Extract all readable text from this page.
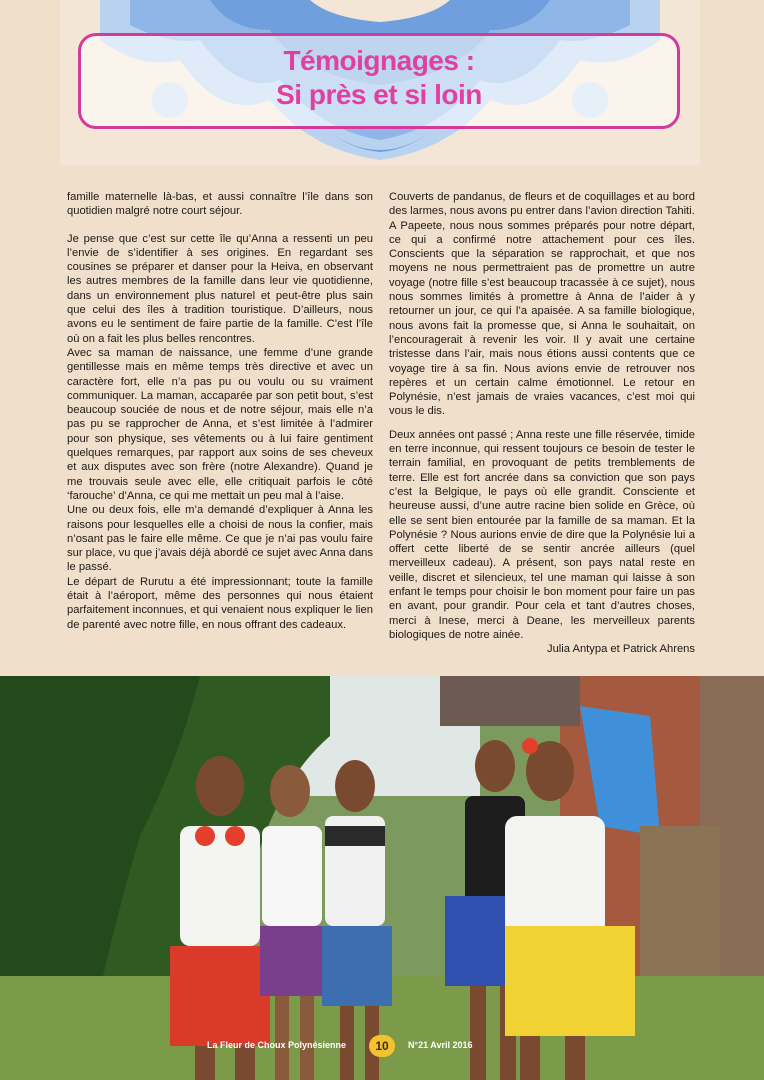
Témoignages :
Si près et si loin

famille maternelle là-bas, et aussi connaître l’île dans son quotidien malgré notre court séjour.

Je pense que c’est sur cette île qu’Anna a ressenti un peu l’envie de s’identifier à ses origines. En regardant ses cousines se préparer et danser pour la Heiva, en observant les autres membres de la famille dans leur vie quotidienne, dans un environnement plus naturel et peut-être plus sain que celui des îles à tradition touristique. D’ailleurs, nous avons eu le sentiment de faire partie de la famille. C’est l’île où on a fait les plus belles rencontres.

Avec sa maman de naissance, une femme d’une grande gentillesse mais en même temps très directive et avec un caractère fort, elle n’a pas pu ou voulu ou su vraiment communiquer. La maman, accaparée par son petit bout, s’est beaucoup souciée de nous et de notre séjour, mais elle n’a pas pu se rapprocher de Anna, et s’est limitée à l’admirer pour son physique, ses vêtements ou à lui faire gentiment quelques remarques, par rapport aux soins de ses cheveux et aux disputes avec son frère (notre Alexandre). Quand je me trouvais seule avec elle, elle critiquait parfois le côté ‘farouche’ d’Anna, ce qui me mettait un peu mal à l’aise.

Une ou deux fois, elle m’a demandé d’expliquer à Anna les raisons pour lesquelles elle a choisi de nous la confier, mais n’osant pas le faire elle même. Ce que je n’ai pas voulu faire sur place, vu que j’avais déjà abordé ce sujet avec Anna dans le passé.

Le départ de Rurutu a été impressionnant; toute la famille était à l’aéroport, même des personnes qui nous étaient parfaitement inconnues, et qui venaient nous expliquer le lien de parenté avec notre fille, en nous offrant des cadeaux.

Couverts de pandanus, de fleurs et de coquillages et au bord des larmes, nous avons pu entrer dans l’avion direction Tahiti.

A Papeete, nous nous sommes préparés pour notre départ, ce qui a confirmé notre attachement pour ces îles. Conscients que la séparation se rapprochait, et que nos moyens ne nous permettraient pas de promettre un autre voyage (notre fille s’est beaucoup tracassée à ce sujet), nous nous sommes limités à promettre à Anna de l’aider à y retourner un jour, ce qui l’a apaisée. A sa famille biologique, nous avons fait la promesse que, si Anna le souhaitait, on l’encouragerait à revenir les voir. Il y avait une certaine tristesse dans l’air, mais nous étions aussi contents que ce voyage tire à sa fin. Nous avions envie de retrouver nos repères et un certain calme émotionnel. Le retour en Polynésie, n’est jamais de vraies vacances, c’est moi qui vous le dis.

Deux années ont passé ; Anna reste une fille réservée, timide en terre inconnue, qui ressent toujours ce besoin de tester le terrain familial, en provoquant de petits tremblements de terre. Elle est fort ancrée dans sa conviction que son pays c’est la Belgique, le pays où elle grandit. Consciente et heureuse aussi, d’une autre racine bien solide en Grèce, où elle se sent bien entourée par la famille de sa maman. Et la Polynésie ? Nous aurions envie de dire que la Polynésie lui a offert cette liberté de se sentir ancrée ailleurs (quel merveilleux cadeau). A présent, son pays natal reste en veille, discret et silencieux, tel une maman qui laisse à son enfant le temps pour choisir le bon moment pour faire un pas en avant, pour grandir. Pour cela et tant d’autres choses, merci à Inese, merci à Deane, les merveilleux parents biologiques de notre ainée.

Julia Antypa et Patrick Ahrens
La Fleur de Choux Polynésienne	10	N°21 Avril 2016
